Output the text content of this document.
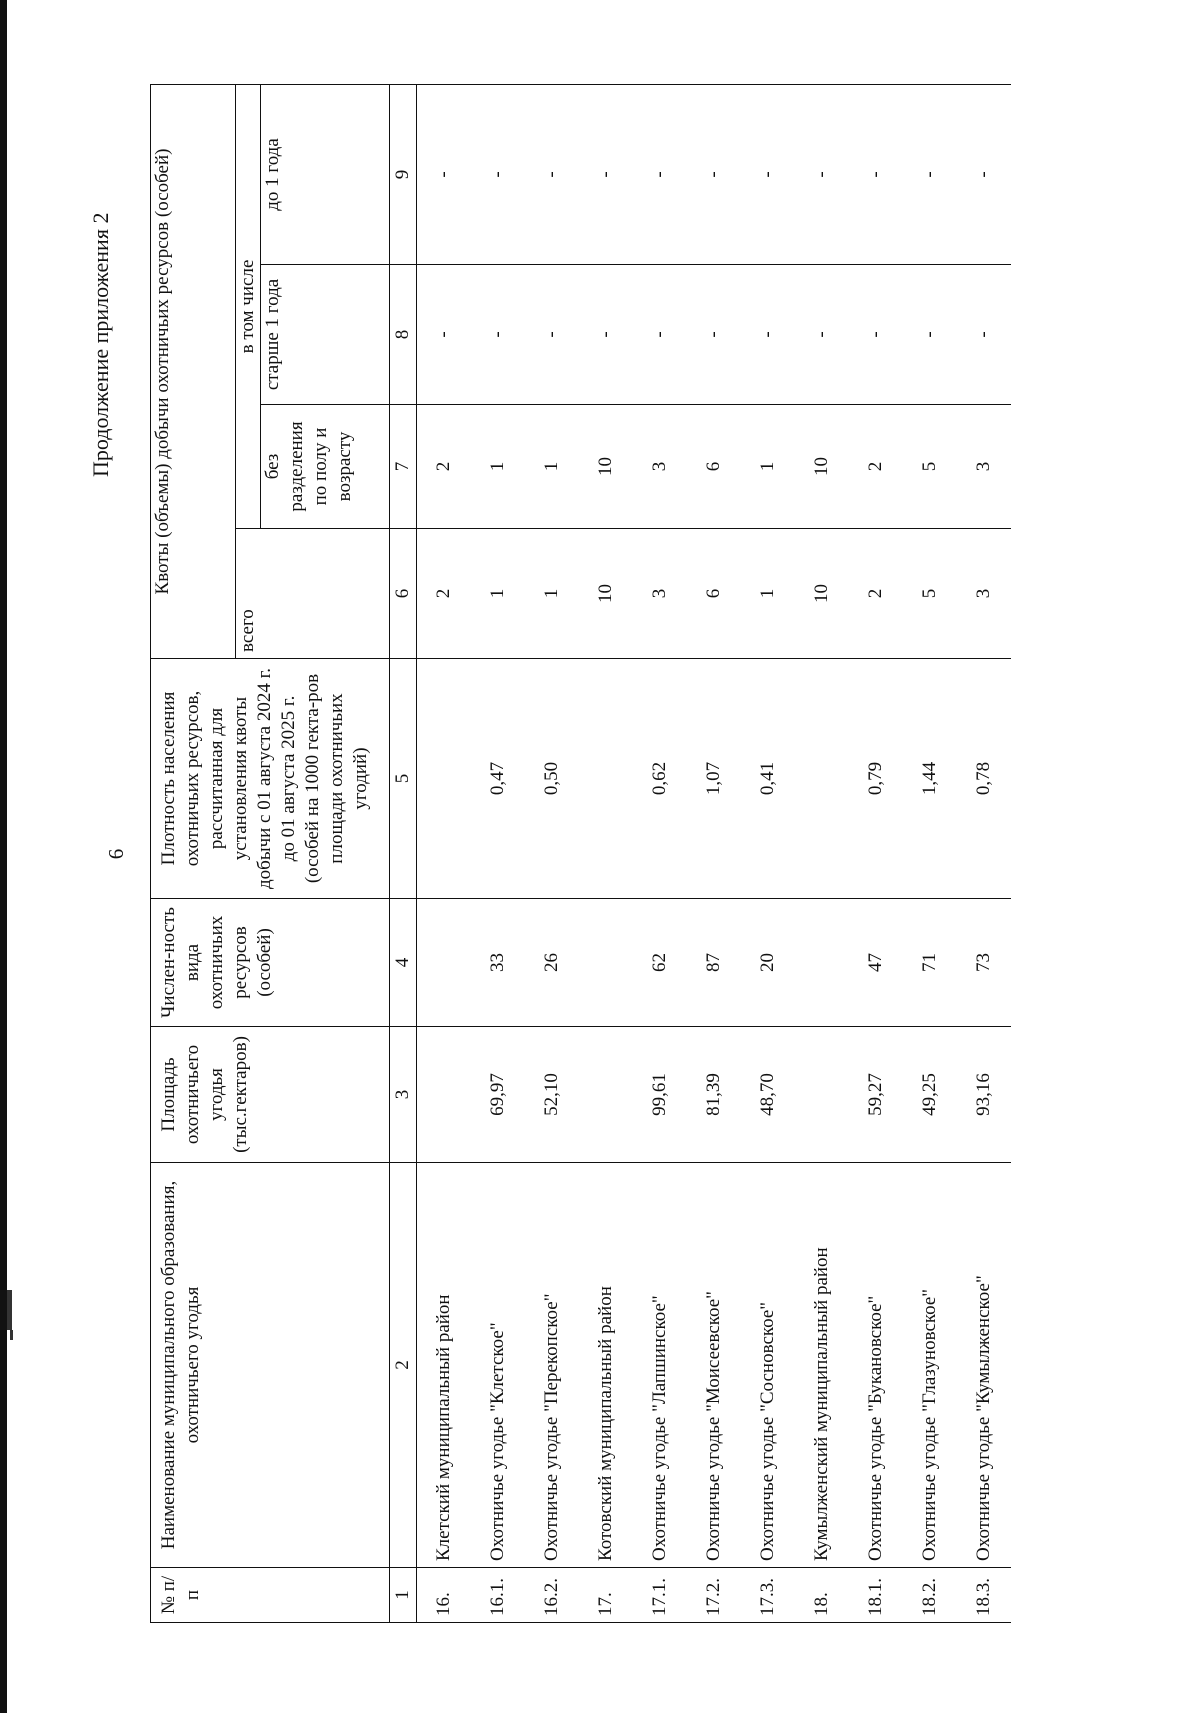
6
Продолжение приложения 2
№ п/п	Наименование муниципального образования, охотничьего угодья	Площадь охотничьего угодья (тыс.гектаров)	Числен-ность вида охотничьих ресурсов (особей)	Плотность населения охотничьих ресурсов, рассчитанная для установления квоты добычи с 01 августа 2024 г. до 01 августа 2025 г. (особей на 1000 гекта-ров площади охотничьих угодий)	Квоты (объемы) добычи охотничьих ресурсов (особей)			
					всего	в том числе		
						без разделения по полу и возрасту	старше 1 года	до 1 года
1	2	3	4	5	6	7	8	9
16.	Клетский муниципальный район				2	2	-	-
16.1.	Охотничье угодье "Клетское"	69,97	33	0,47	1	1	-	-
16.2.	Охотничье угодье "Перекопское"	52,10	26	0,50	1	1	-	-
17.	Котовский муниципальный район				10	10	-	-
17.1.	Охотничье угодье "Лапшинское"	99,61	62	0,62	3	3	-	-
17.2.	Охотничье угодье "Моисеевское"	81,39	87	1,07	6	6	-	-
17.3.	Охотничье угодье "Сосновское"	48,70	20	0,41	1	1	-	-
18.	Кумылженский муниципальный район				10	10	-	-
18.1.	Охотничье угодье "Букановское"	59,27	47	0,79	2	2	-	-
18.2.	Охотничье угодье "Глазуновское"	49,25	71	1,44	5	5	-	-
18.3.	Охотничье угодье "Кумылженское"	93,16	73	0,78	3	3	-	-
